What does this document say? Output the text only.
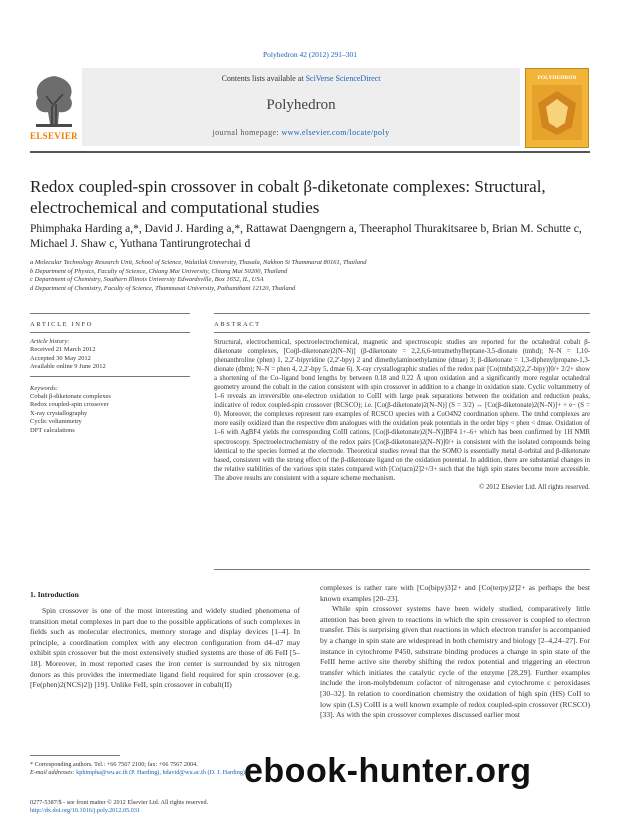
Polyhedron 42 (2012) 291–301
ELSEVIER
Contents lists available at SciVerse ScienceDirect
Polyhedron
journal homepage: www.elsevier.com/locate/poly
POLYHEDRON
Redox coupled-spin crossover in cobalt β-diketonate complexes: Structural, electrochemical and computational studies
Phimphaka Harding a,*, David J. Harding a,*, Rattawat Daengngern a, Theeraphol Thurakitsaree b, Brian M. Schutte c, Michael J. Shaw c, Yuthana Tantirungrotechai d
a Molecular Technology Research Unit, School of Science, Walailak University, Thasala, Nakhon Si Thammarat 80161, Thailand
b Department of Physics, Faculty of Science, Chiang Mai University, Chiang Mai 50200, Thailand
c Department of Chemistry, Southern Illinois University Edwardsville, Box 1652, IL, USA
d Department of Chemistry, Faculty of Science, Thammasat University, Pathumthani 12120, Thailand
ARTICLE INFO	ABSTRACT
Article history:
Received 21 March 2012
Accepted 30 May 2012
Available online 9 June 2012
Keywords:
Cobalt β-diketonate complexes
Redox coupled-spin crossover
X-ray crystallography
Cyclic voltammetry
DFT calculations
Structural, electrochemical, spectroelectrochemical, magnetic and spectroscopic studies are reported for the octahedral cobalt β-diketonate complexes, [Co(β-diketonate)2(N–N)] (β-diketonate = 2,2,6,6-tetramethylheptane-3,5-dionate (tmhd); N–N = 1,10-phenanthroline (phen) 1, 2,2′-bipyridine (2,2′-bpy) 2 and dimethylaminoethylamine (dmae) 3; β-diketonate = 1,3-diphenylpropane-1,3-dionate (dbm); N–N = phen 4, 2,2′-bpy 5, dmae 6). X-ray crystallographic studies of the redox pair [Co(tmhd)2(2,2′-bipy)]0/+ 2/2+ show a shortening of the Co–ligand bond lengths by between 0.18 and 0.22 Å upon oxidation and a significantly more regular octahedral geometry around the cobalt in the cation consistent with spin crossover in addition to a change in oxidation state. Cyclic voltammetry of 1–6 reveals an irreversible one-electron oxidation to CoIII with large peak separations between the oxidation and reduction peaks, indicative of redox coupled-spin crossover (RCSCO); i.e. [Co(β-diketonate)2(N–N)] (S = 3/2) ↔ [Co(β-diketonate)2(N–N)]+ + e− (S = 0). Moreover, the complexes represent rare examples of RCSCO species with a CoO4N2 coordination sphere. The tmhd complexes are more easily oxidized than the respective dbm analogues with the oxidation peak potentials in the order bipy < phen < dmae. Oxidation of 1–6 with AgBF4 yields the corresponding CoIII cations, [Co(β-diketonate)2(N–N)]BF4 1+–6+ which has been confirmed by 1H NMR spectroscopy. Spectroelectrochemistry of the redox pairs [Co(β-diketonate)2(N–N)]0/+ is consistent with the isolated compounds being identical to the species formed at the electrode. Theoretical studies reveal that the SOMO is essentially metal d-orbital and β-diketonate based, consistent with the strong effect of the β-diketonate ligand on the oxidation potential. In addition, there are substantial changes in the relative stabilities of the various spin states compared with [Co(tacn)2]2+/3+ such that the high spin states become more accessible. The above results are consistent with a square scheme mechanism.
© 2012 Elsevier Ltd. All rights reserved.
1. Introduction
Spin crossover is one of the most interesting and widely studied phenomena of transition metal complexes in part due to the possible applications of such complexes in fields such as molecular electronics, memory storage and display devices [1–4]. In principle, a coordination complex with any electron configuration from d4–d7 may exhibit spin crossover but the most extensively studied systems are those of d6 FeII [5–18]. Moreover, in most reported cases the iron center is surrounded by six nitrogen donors as this provides the intermediate ligand field required for spin crossover (e.g. [Fe(phen)2(NCS)2]) [19]. Unlike FeII, spin crossover in cobalt(II)
complexes is rather rare with [Co(bipy)3]2+ and [Co(terpy)2]2+ as perhaps the best known examples [20–23].
While spin crossover systems have been widely studied, comparatively little attention has been given to reactions in which the spin crossover is coupled to electron transfer. This is surprising given that reactions in which electron transfer is accompanied by a change in spin state are widespread in both chemistry and biology [2–4,24–27]. For instance in cytochrome P450, substrate binding produces a change in spin state of the FeIII heme active site thereby shifting the redox potential and triggering an electron transfer which initiates the catalytic cycle of the enzyme [28,29]. Further examples include the iron-molybdenum cofactor of nitrogenase and cytochrome c peroxidases [30–32]. In relation to coordination chemistry the oxidation of high spin (HS) CoII to low spin (LS) CoIII is a well known example of redox coupled-spin crossover (RCSCO) [33]. As with the spin crossover complexes discussed earlier most
* Corresponding authors. Tel.: +66 7567 2100; fax: +66 7567 2004.
E-mail addresses: kphimpha@wu.ac.th (P. Harding), hdavid@wu.ac.th (D. J. Harding).
0277-5387/$ - see front matter © 2012 Elsevier Ltd. All rights reserved.
http://dx.doi.org/10.1016/j.poly.2012.05.031
ebook-hunter.org
